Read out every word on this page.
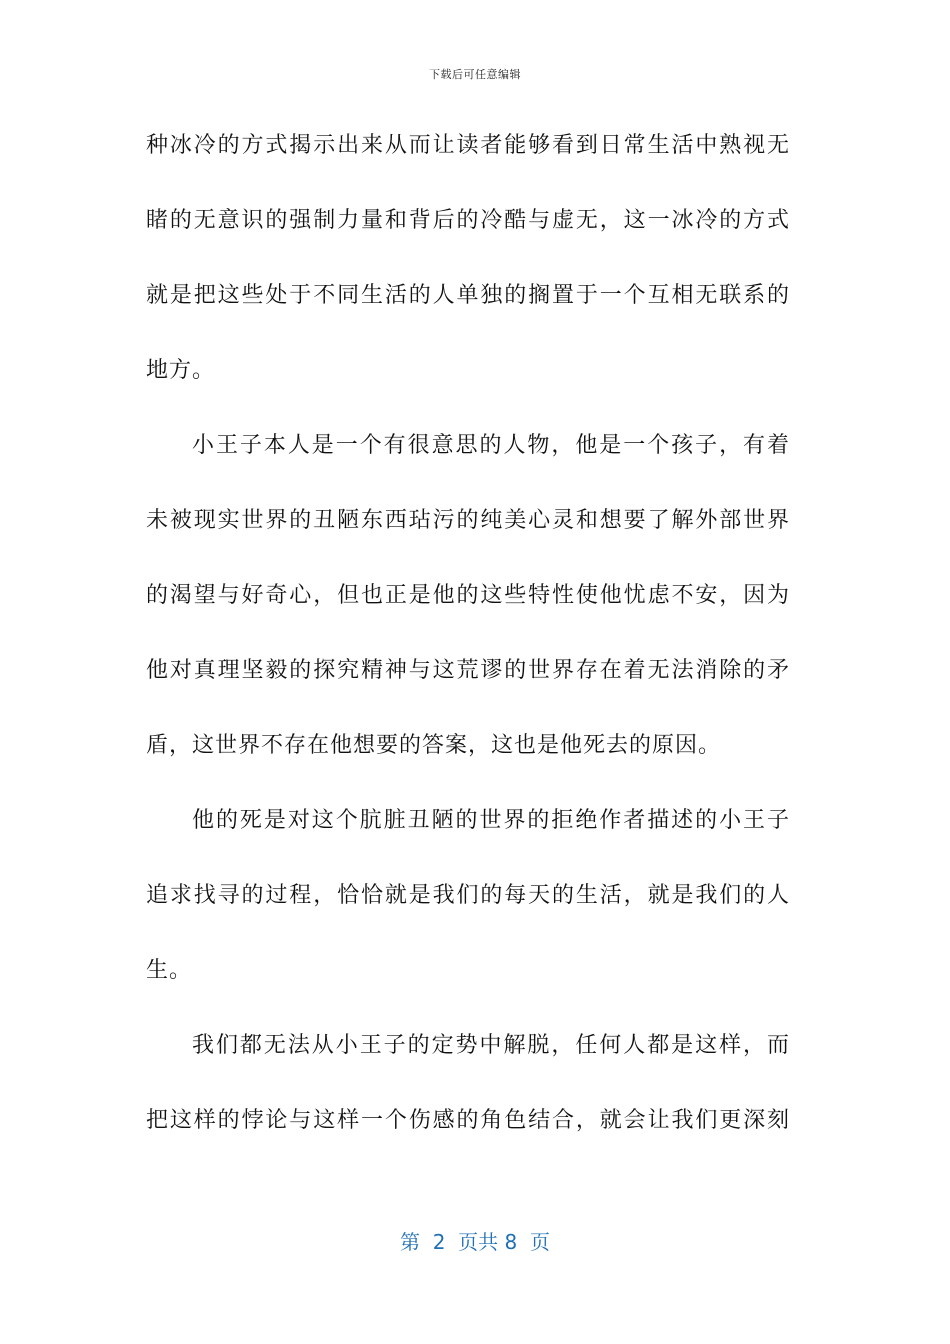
下载后可任意编辑
种冰冷的方式揭示出来从而让读者能够看到日常生活中熟视无
睹的无意识的强制力量和背后的冷酷与虚无，这一冰冷的方式
就是把这些处于不同生活的人单独的搁置于一个互相无联系的
地方。
小王子本人是一个有很意思的人物，他是一个孩子，有着
未被现实世界的丑陋东西玷污的纯美心灵和想要了解外部世界
的渴望与好奇心，但也正是他的这些特性使他忧虑不安，因为
他对真理坚毅的探究精神与这荒谬的世界存在着无法消除的矛
盾，这世界不存在他想要的答案，这也是他死去的原因。
他的死是对这个肮脏丑陋的世界的拒绝作者描述的小王子
追求找寻的过程，恰恰就是我们的每天的生活，就是我们的人
生。
我们都无法从小王子的定势中解脱，任何人都是这样，而
把这样的悖论与这样一个伤感的角色结合，就会让我们更深刻
第  2  页共 8  页
